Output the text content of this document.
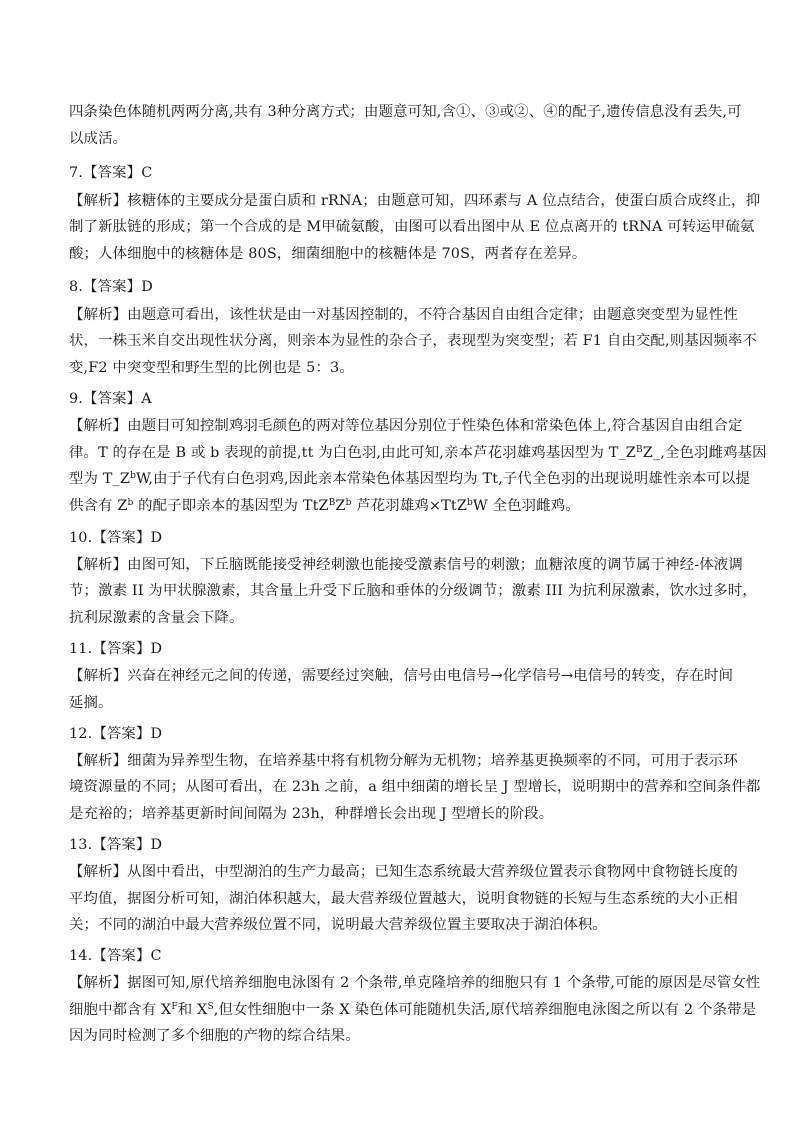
四条染色体随机两两分离,共有 3种分离方式；由题意可知,含①、③或②、④的配子,遗传信息没有丢失,可
以成活。
7.【答案】C
【解析】核糖体的主要成分是蛋白质和 rRNA；由题意可知，四环素与 A 位点结合，使蛋白质合成终止，抑
制了新肽链的形成；第一个合成的是 M甲硫氨酸，由图可以看出图中从 E 位点离开的 tRNA 可转运甲硫氨
酸；人体细胞中的核糖体是 80S，细菌细胞中的核糖体是 70S，两者存在差异。
8.【答案】D
【解析】由题意可看出，该性状是由一对基因控制的，不符合基因自由组合定律；由题意突变型为显性性
状，一株玉米自交出现性状分离，则亲本为显性的杂合子，表现型为突变型；若 F1 自由交配,则基因频率不
变,F2 中突变型和野生型的比例也是 5：3。
9.【答案】A
【解析】由题目可知控制鸡羽毛颜色的两对等位基因分别位于性染色体和常染色体上,符合基因自由组合定
律。T 的存在是 B 或 b 表现的前提,tt 为白色羽,由此可知,亲本芦花羽雄鸡基因型为 $T\_Z^BZ\_$,全色羽雌鸡基因
型为 $T\_Z^bW$,由于子代有白色羽鸡,因此亲本常染色体基因型均为 Tt,子代全色羽的出现说明雄性亲本可以提
供含有 $Z^b$ 的配子即亲本的基因型为 $TtZ^BZ^b$ 芦花羽雄鸡×TtZ$^b$W 全色羽雌鸡。
10.【答案】D
【解析】由图可知，下丘脑既能接受神经刺激也能接受激素信号的刺激；血糖浓度的调节属于神经-体液调
节；激素 II 为甲状腺激素，其含量上升受下丘脑和垂体的分级调节；激素 III 为抗利尿激素，饮水过多时，
抗利尿激素的含量会下降。
11.【答案】D
【解析】兴奋在神经元之间的传递，需要经过突触，信号由电信号→化学信号→电信号的转变，存在时间
延搁。
12.【答案】D
【解析】细菌为异养型生物，在培养基中将有机物分解为无机物；培养基更换频率的不同，可用于表示环
境资源量的不同；从图可看出，在 23h 之前，a 组中细菌的增长呈 J 型增长，说明期中的营养和空间条件都
是充裕的；培养基更新时间间隔为 23h，种群增长会出现 J 型增长的阶段。
13.【答案】D
【解析】从图中看出，中型湖泊的生产力最高；已知生态系统最大营养级位置表示食物网中食物链长度的
平均值，据图分析可知，湖泊体积越大，最大营养级位置越大，说明食物链的长短与生态系统的大小正相
关；不同的湖泊中最大营养级位置不同，说明最大营养级位置主要取决于湖泊体积。
14.【答案】C
【解析】据图可知,原代培养细胞电泳图有 2 个条带,单克隆培养的细胞只有 1 个条带,可能的原因是尽管女性
细胞中都含有 $X^F$和 $X^S$,但女性细胞中一条 X 染色体可能随机失活,原代培养细胞电泳图之所以有 2 个条带是
因为同时检测了多个细胞的产物的综合结果。
